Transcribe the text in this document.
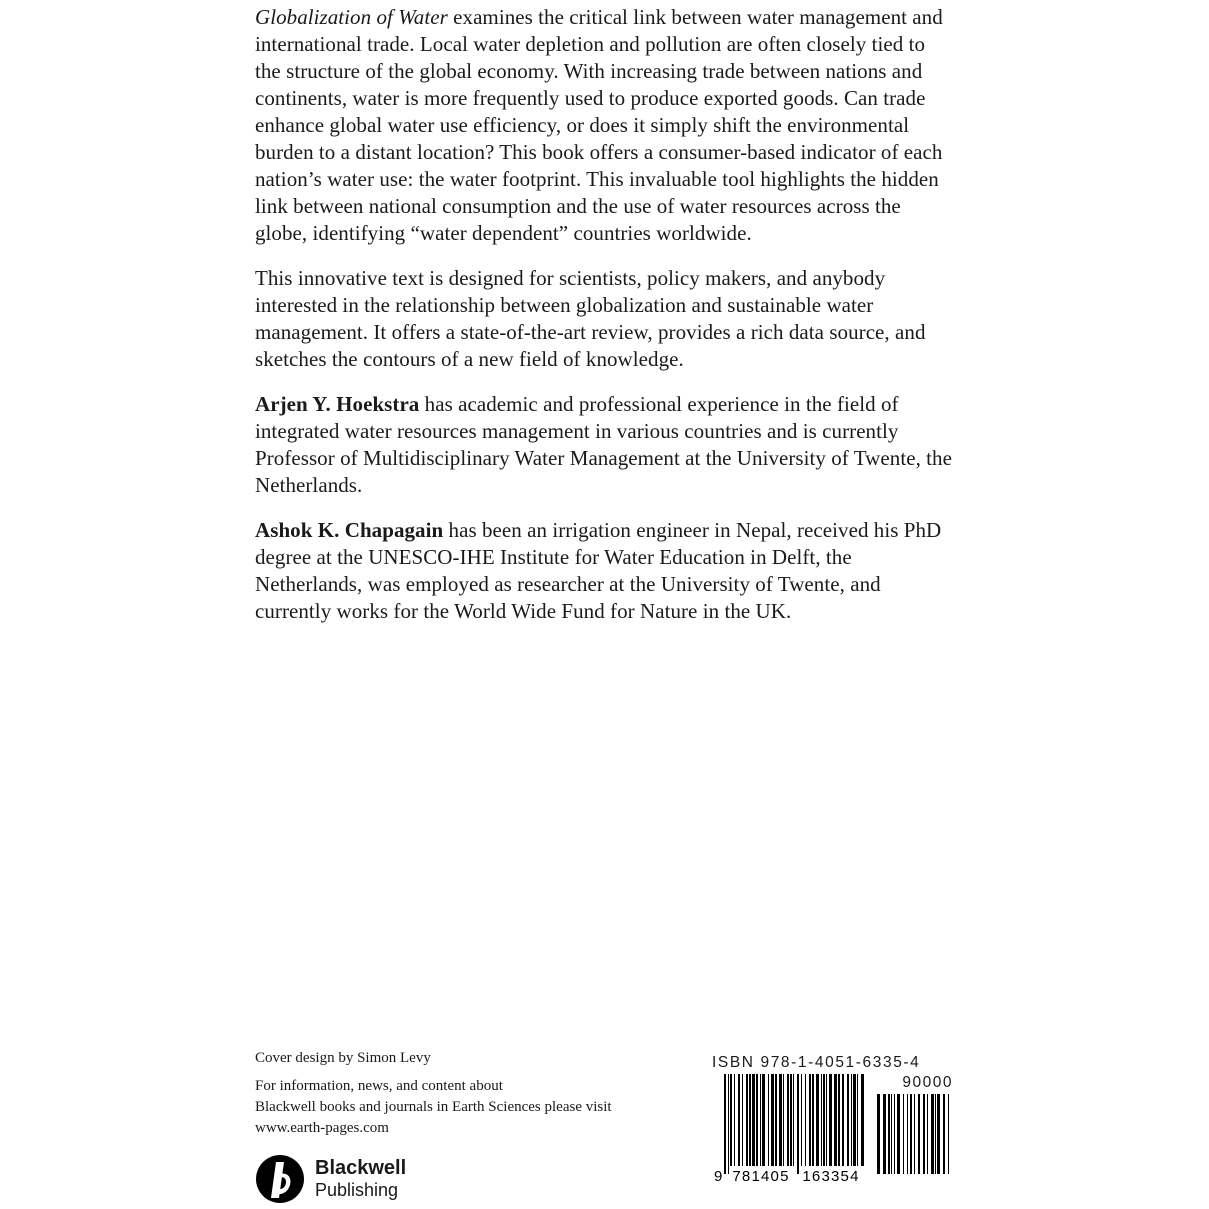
Globalization of Water examines the critical link between water management and international trade. Local water depletion and pollution are often closely tied to the structure of the global economy. With increasing trade between nations and continents, water is more frequently used to produce exported goods. Can trade enhance global water use efficiency, or does it simply shift the environmental burden to a distant location? This book offers a consumer-based indicator of each nation’s water use: the water footprint. This invaluable tool highlights the hidden link between national consumption and the use of water resources across the globe, identifying “water dependent” countries worldwide.

This innovative text is designed for scientists, policy makers, and anybody interested in the relationship between globalization and sustainable water management. It offers a state-of-the-art review, provides a rich data source, and sketches the contours of a new field of knowledge.

Arjen Y. Hoekstra has academic and professional experience in the field of integrated water resources management in various countries and is currently Professor of Multidisciplinary Water Management at the University of Twente, the Netherlands.

Ashok K. Chapagain has been an irrigation engineer in Nepal, received his PhD degree at the UNESCO-IHE Institute for Water Education in Delft, the Netherlands, was employed as researcher at the University of Twente, and currently works for the World Wide Fund for Nature in the UK.

Cover design by Simon Levy

For information, news, and content about

Blackwell books and journals in Earth Sciences please visit

www.earth-pages.com

Blackwell
Publishing

ISBN 978-1-4051-6335-4

90000
9 781405 163354
